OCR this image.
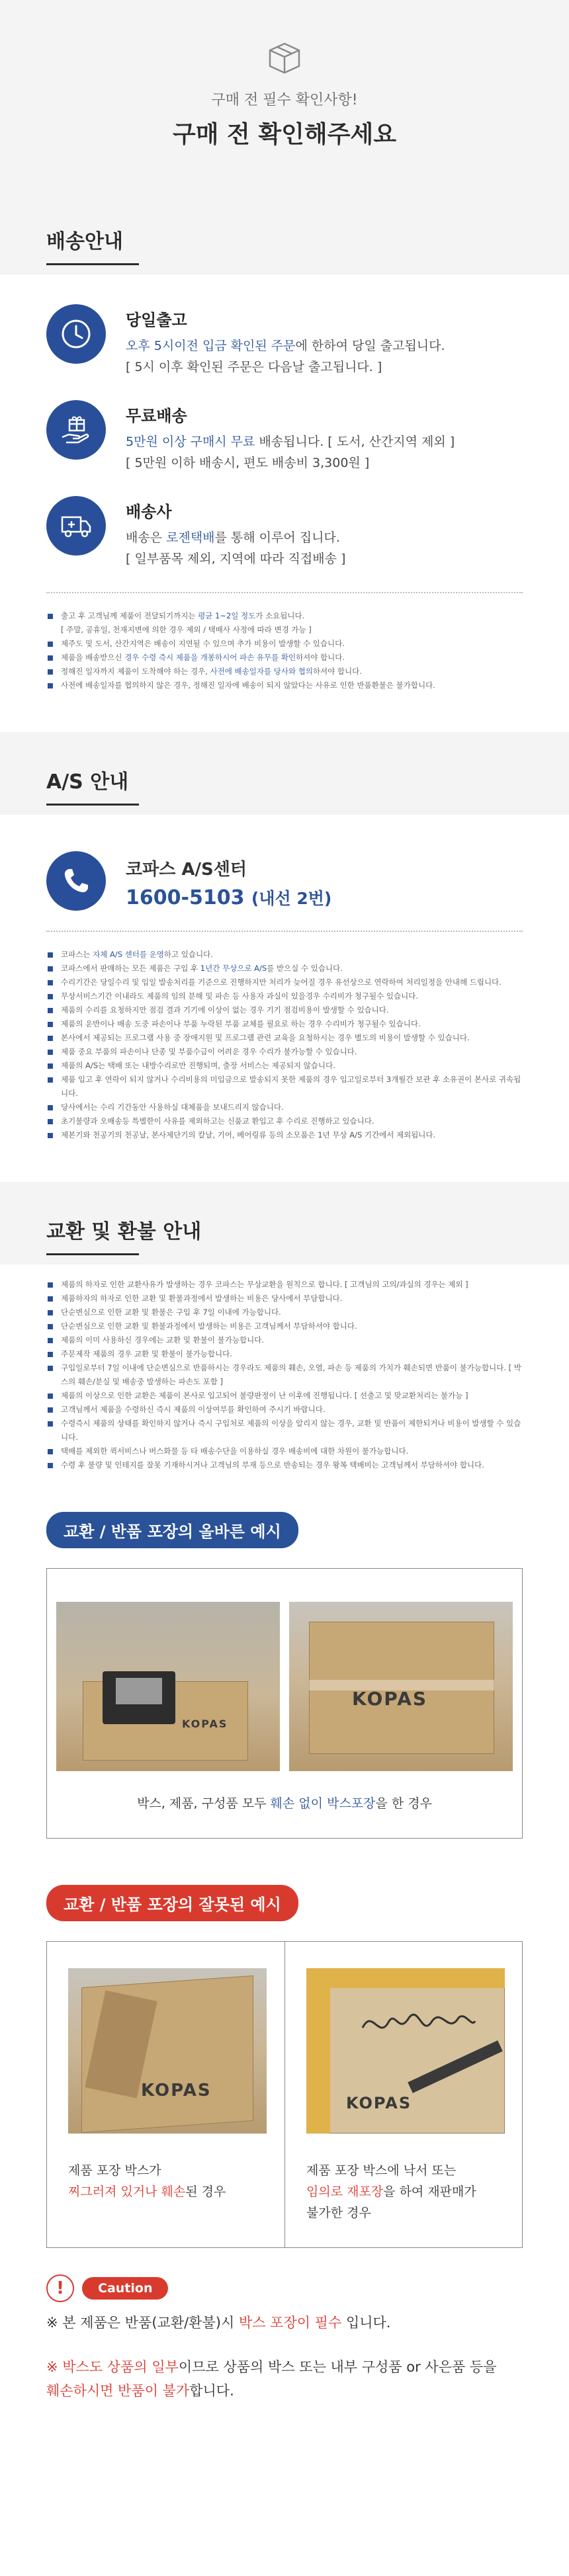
구매 전 필수 확인사항!
구매 전 확인해주세요
배송안내
당일출고
오후 5시이전 입금 확인된 주문에 한하여 당일 출고됩니다.
[ 5시 이후 확인된 주문은 다음날 출고됩니다. ]
무료배송
5만원 이상 구매시 무료 배송됩니다. [ 도서, 산간지역 제외 ]
[ 5만원 이하 배송시, 편도 배송비 3,300원 ]
배송사
배송은 로젠택배를 통해 이루어 집니다.
[ 일부품목 제외, 지역에 따라 직접배송 ]
출고 후 고객님께 제품이 전달되기까지는 평균 1~2일 정도가 소요됩니다.
[ 주말, 공휴일, 천재지변에 의한 경우 제외 / 택배사 사정에 따라 변경 가능 ]
제주도 및 도서, 산간지역은 배송이 지연될 수 있으며 추가 비용이 발생할 수 있습니다.
제품을 배송받으신 경우 수령 즉시 제품을 개봉하시어 파손 유무를 확인하셔야 합니다.
정해진 일자까지 제품이 도착해야 하는 경우, 사전에 배송일자를 당사와 협의하셔야 합니다.
사전에 배송일자를 협의하지 않은 경우, 정해진 일자에 배송이 되지 않았다는 사유로 인한 반품환불은 불가합니다.
A/S 안내
코파스 A/S센터
1600-5103 (내선 2번)
코파스는 자체 A/S 센터를 운영하고 있습니다.
코파스에서 판매하는 모든 제품은 구입 후 1년간 무상으로 A/S를 받으실 수 있습니다.
수리기간은 당일수리 및 입일 발송처리를 기준으로 진행하지만 처리가 늦어질 경우 유선상으로 연락하여 처리일정을 안내해 드립니다.
무상서비스기간 이내라도 제품의 임의 분해 및 파손 등 사용자 과실이 있을경우 수리비가 청구될수 있습니다.
제품의 수리를 요청하지만 점검 결과 기기에 이상이 없는 경우 기기 점검비용이 발생할 수 있습니다.
제품의 운반이나 배송 도중 파손이나 부품 누락된 부품 교체를 필요로 하는 경우 수리비가 청구될수 있습니다.
본사에서 제공되는 프로그램 사용 중 장애지원 및 프로그램 관련 교육을 요청하시는 경우 별도의 비용이 발생할 수 있습니다.
제품 중요 부품의 파손이나 단종 및 부품수급이 어려운 경우 수리가 불가능할 수 있습니다.
제품의 A/S는 택배 또는 내방수리로만 진행되며, 출장 서비스는 제공되지 않습니다.
제품 입고 후 연락이 되지 않거나 수리비용의 미입금으로 발송되지 못한 제품의 경우 입고일로부터 3개월간 보관 후 소유권이 본사로 귀속됩니다.
당사에서는 수리 기간동안 사용하실 대체품을 보내드리지 않습니다.
초기불량과 오배송등 특별한이 사유를 제외하고는 신품교 환입고 후 수리로 진행하고 있습니다.
제본기와 천공기의 천공날, 본사제단기의 칼날, 기어, 베어링류 등의 소모품은 1년 무상 A/S 기간에서 제외됩니다.
교환 및 환불 안내
제품의 하자로 인한 교환사유가 발생하는 경우 코파스는 무상교환을 원칙으로 합니다. [ 고객님의 고의/과실의 경우는 제외 ]
제품하자의 하자로 인한 교환 및 환불과정에서 발생하는 비용은 당사에서 부담합니다.
단순변심으로 인한 교환 및 환불은 구입 후 7일 이내에 가능합니다.
단순변심으로 인한 교환 및 환불과정에서 발생하는 비용은 고객님께서 부담하셔야 합니다.
제품의 이미 사용하신 경우에는 교환 및 환불이 불가능합니다.
주문제작 제품의 경우 교환 및 환불이 불가능합니다.
구입일로부터 7일 이내에 단순변심으로 반품하시는 경우라도 제품의 훼손, 오염, 파손 등 제품의 가치가 훼손되면 반품이 불가능합니다. [ 박스의 훼손/분실 및 배송중 발생하는 파손도 포함 ]
제품의 이상으로 인한 교환은 제품이 본사로 입고되어 불량판정이 난 이후에 진행됩니다. [ 선출고 및 맞교환처리는 불가능 ]
고객님께서 제품을 수령하신 즉시 제품의 이상여부를 확인하여 주시기 바랍니다.
수령즉시 제품의 상태를 확인하지 않거나 즉시 구입처로 제품의 이상을 알리지 않는 경우, 교환 및 반품이 제한되거나 비용이 발생할 수 있습니다.
택배를 제외한 퀵서비스나 버스화물 등 타 배송수단을 이용하실 경우 배송비에 대한 차원이 불가능합니다.
수령 후 불량 및 인테지를 잘못 기재하시거나 고객님의 부재 등으로 반송되는 경우 왕복 택배비는 고객님께서 부담하셔야 합니다.
교환 / 반품 포장의 올바른 예시
KOPAS
KOPAS
박스, 제품, 구성품 모두 훼손 없이 박스포장을 한 경우
교환 / 반품 포장의 잘못된 예시
KOPAS
제품 포장 박스가
찌그러져 있거나 훼손된 경우
KOPAS
제품 포장 박스에 낙서 또는
임의로 재포장을 하여 재판매가
불가한 경우
!	Caution
※ 본 제품은 반품(교환/환불)시 박스 포장이 필수 입니다.
※ 박스도 상품의 일부이므로 상품의 박스 또는 내부 구성품 or 사은품 등을
훼손하시면 반품이 불가합니다.
